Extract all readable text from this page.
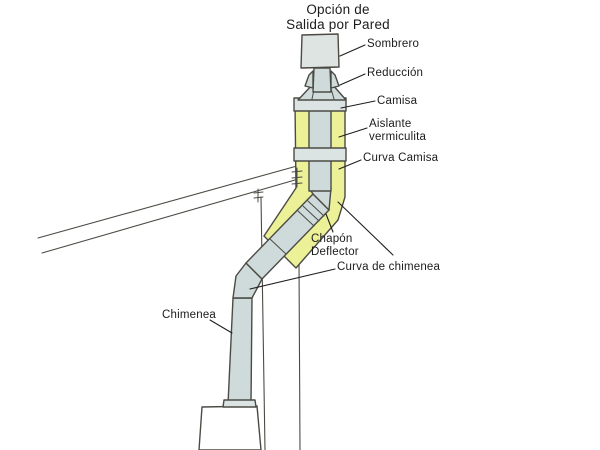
Opción de
Salida por Pared
Sombrero
Reducción
Camisa
Aislante
vermiculita
Curva Camisa
Chapón
Deflector
Curva de chimenea
Chimenea
